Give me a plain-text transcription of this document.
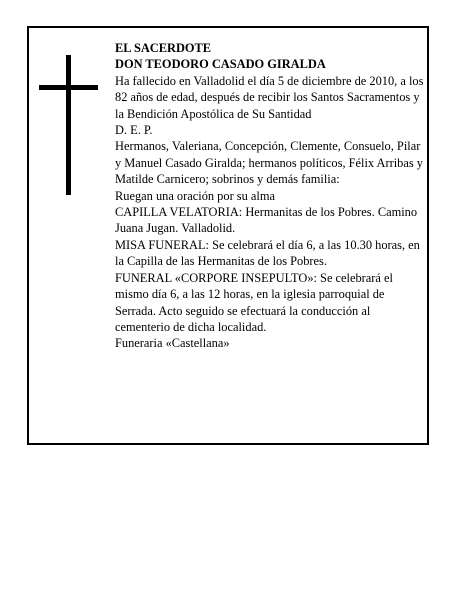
EL SACERDOTE

DON TEODORO CASADO GIRALDA

Ha fallecido en Valladolid el día 5 de diciembre de 2010, a los 82 años de edad, después de recibir los Santos Sacramentos y la Bendición Apostólica de Su Santidad

D. E. P.

Hermanos, Valeriana, Concepción, Clemente, Consuelo, Pilar y Manuel Casado Giralda; hermanos políticos, Félix Arribas y Matilde Carnicero; sobrinos y demás familia:

Ruegan una oración por su alma

CAPILLA VELATORIA: Hermanitas de los Pobres. Camino Juana Jugan. Valladolid.

MISA FUNERAL: Se celebrará el día 6, a las 10.30 horas, en la Capilla de las Hermanitas de los Pobres.

FUNERAL «CORPORE INSEPULTO»: Se celebrará el mismo día 6, a las 12 horas, en la iglesia parroquial de Serrada. Acto seguido se efectuará la conducción al cementerio de dicha localidad.

Funeraria «Castellana»
